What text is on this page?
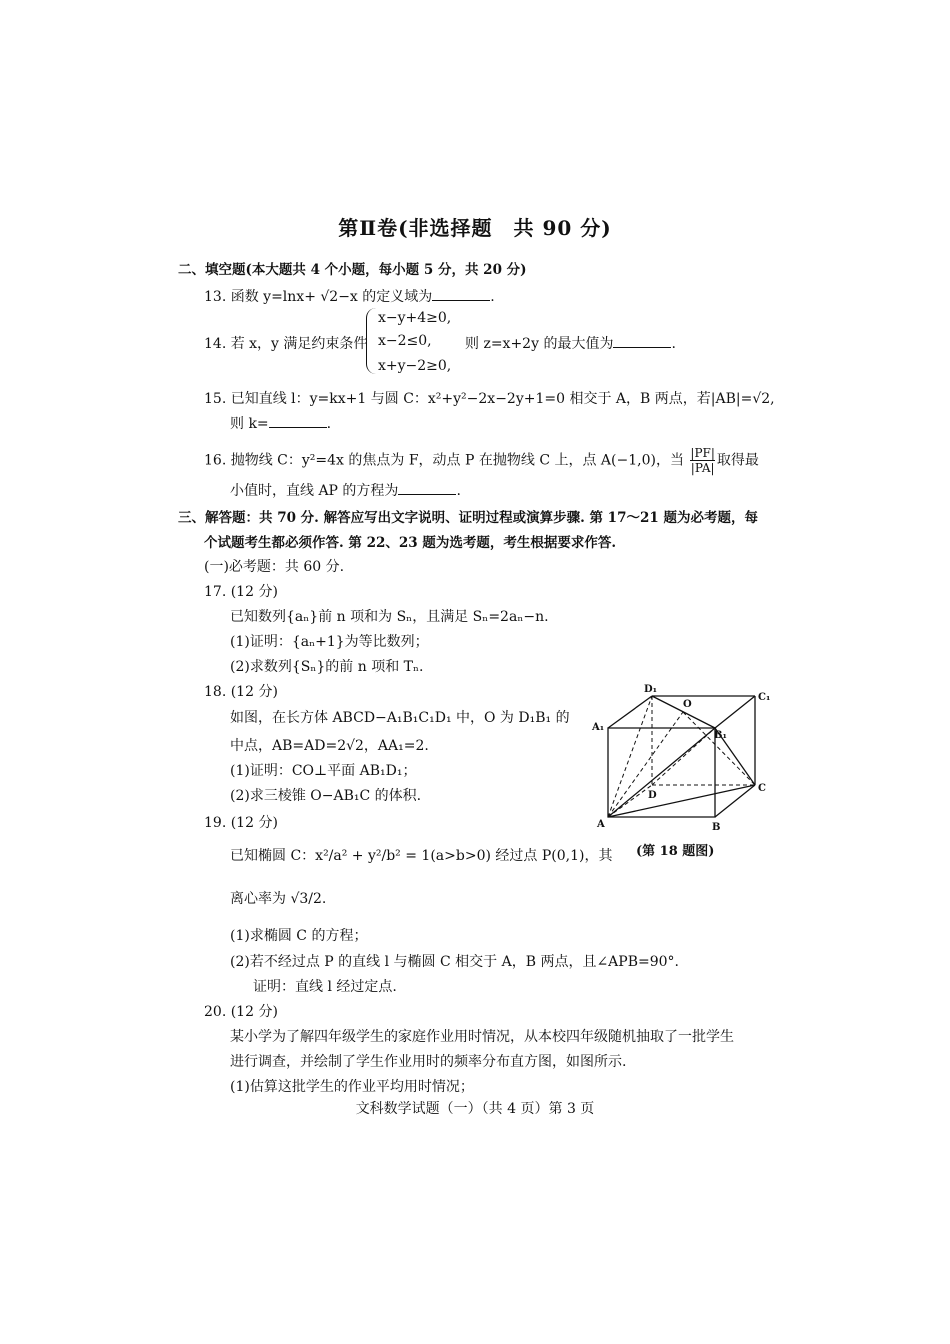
第Ⅱ卷(非选择题　共 90 分)
二、填空题(本大题共 4 个小题，每小题 5 分，共 20 分)
13. 函数 y=lnx+ √2−x 的定义域为	.
14. 若 x，y 满足约束条件
x−y+4≥0,
x−2≤0,
x+y−2≥0,
则 z=x+2y 的最大值为	.
15. 已知直线 l：y=kx+1 与圆 C：x²+y²−2x−2y+1=0 相交于 A，B 两点，若|AB|=√2,
则 k=	.
16. 抛物线 C：y²=4x 的焦点为 F，动点 P 在抛物线 C 上，点 A(−1,0)，当 $\frac{|PF|}{|PA|}$ 取得最
小值时，直线 AP 的方程为	.
三、解答题：共 70 分. 解答应写出文字说明、证明过程或演算步骤. 第 17～21 题为必考题，每
个试题考生都必须作答. 第 22、23 题为选考题，考生根据要求作答.
(一)必考题：共 60 分.
17. (12 分)
已知数列{aₙ}前 n 项和为 Sₙ，且满足 Sₙ=2aₙ−n.
(1)证明：{aₙ+1}为等比数列；
(2)求数列{Sₙ}的前 n 项和 Tₙ.
18. (12 分)
如图，在长方体 ABCD−A₁B₁C₁D₁ 中，O 为 D₁B₁ 的
中点，AB=AD=2√2，AA₁=2.
(1)证明：CO⊥平面 AB₁D₁；
(2)求三棱锥 O−AB₁C 的体积.
D₁
C₁
A₁
B₁
O
D
C
A	B
(第 18 题图)
19. (12 分)
已知椭圆 C：x²/a² + y²/b² = 1(a>b>0) 经过点 P(0,1)，其
离心率为 √3/2.
(1)求椭圆 C 的方程；
(2)若不经过点 P 的直线 l 与椭圆 C 相交于 A，B 两点，且∠APB=90°.
证明：直线 l 经过定点.
20. (12 分)
某小学为了解四年级学生的家庭作业用时情况，从本校四年级随机抽取了一批学生
进行调查，并绘制了学生作业用时的频率分布直方图，如图所示.
(1)估算这批学生的作业平均用时情况；
文科数学试题（一）（共 4 页）第 3 页
